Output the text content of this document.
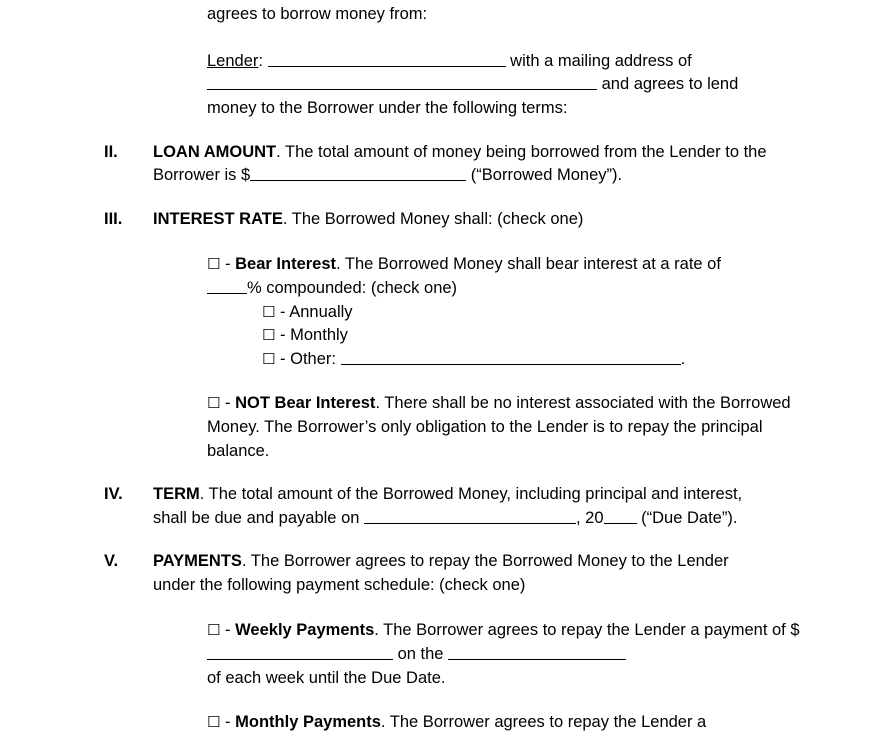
agrees to borrow money from:
Lender:	with a mailing address of
and agrees to lend
money to the Borrower under the following terms:
II.	LOAN AMOUNT. The total amount of money being borrowed from the Lender to the Borrower is $	(“Borrowed Money”).
III.	INTEREST RATE. The Borrowed Money shall: (check one)
☐ - Bear Interest. The Borrowed Money shall bear interest at a rate of
% compounded: (check one)
☐ - Annually
☐ - Monthly
☐ - Other:	.
☐ - NOT Bear Interest. There shall be no interest associated with the Borrowed Money. The Borrower’s only obligation to the Lender is to repay the principal balance.
IV.	TERM. The total amount of the Borrowed Money, including principal and interest, shall be due and payable on	, 20 (“Due Date”).
V.	PAYMENTS. The Borrower agrees to repay the Borrowed Money to the Lender under the following payment schedule: (check one)
☐ - Weekly Payments. The Borrower agrees to repay the Lender a payment of $
on the
of each week until the Due Date.
☐ - Monthly Payments. The Borrower agrees to repay the Lender a
